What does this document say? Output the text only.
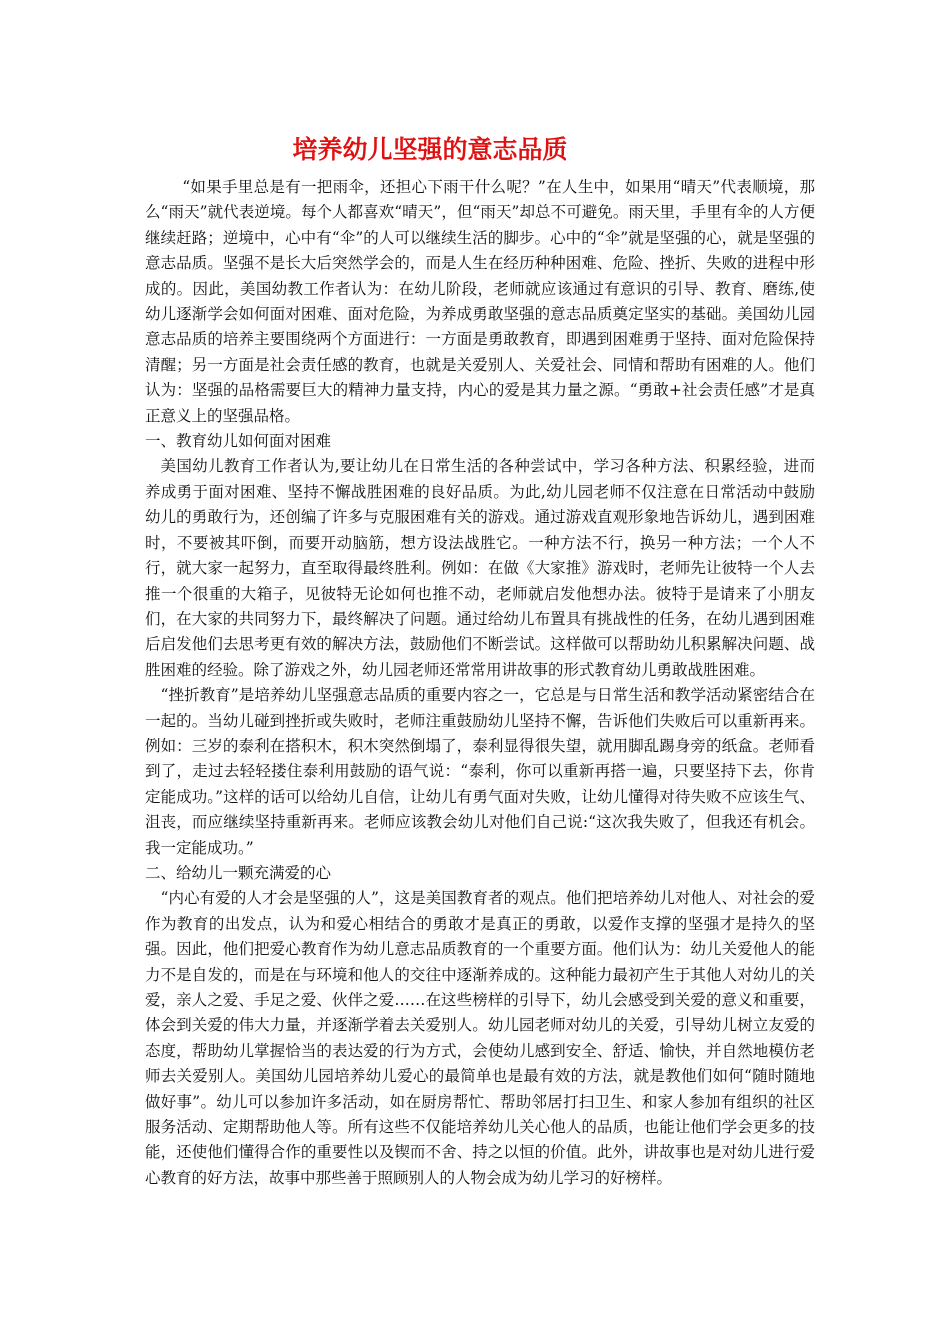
培养幼儿坚强的意志品质

“如果手里总是有一把雨伞，还担心下雨干什么呢？”在人生中，如果用“晴天”代表顺境，那么“雨天”就代表逆境。每个人都喜欢“晴天”，但“雨天”却总不可避免。雨天里，手里有伞的人方便继续赶路；逆境中，心中有“伞”的人可以继续生活的脚步。心中的“伞”就是坚强的心，就是坚强的意志品质。坚强不是长大后突然学会的，而是人生在经历种种困难、危险、挫折、失败的进程中形成的。因此，美国幼教工作者认为：在幼儿阶段，老师就应该通过有意识的引导、教育、磨练,使幼儿逐渐学会如何面对困难、面对危险，为养成勇敢坚强的意志品质奠定坚实的基础。美国幼儿园意志品质的培养主要围绕两个方面进行：一方面是勇敢教育，即遇到困难勇于坚持、面对危险保持清醒；另一方面是社会责任感的教育，也就是关爱别人、关爱社会、同情和帮助有困难的人。他们认为：坚强的品格需要巨大的精神力量支持，内心的爱是其力量之源。“勇敢+社会责任感”才是真正意义上的坚强品格。

一、教育幼儿如何面对困难

美国幼儿教育工作者认为,要让幼儿在日常生活的各种尝试中，学习各种方法、积累经验，进而养成勇于面对困难、坚持不懈战胜困难的良好品质。为此,幼儿园老师不仅注意在日常活动中鼓励幼儿的勇敢行为，还创编了许多与克服困难有关的游戏。通过游戏直观形象地告诉幼儿，遇到困难时，不要被其吓倒，而要开动脑筋，想方设法战胜它。一种方法不行，换另一种方法；一个人不行，就大家一起努力，直至取得最终胜利。例如：在做《大家推》游戏时，老师先让彼特一个人去推一个很重的大箱子，见彼特无论如何也推不动，老师就启发他想办法。彼特于是请来了小朋友们，在大家的共同努力下，最终解决了问题。通过给幼儿布置具有挑战性的任务，在幼儿遇到困难后启发他们去思考更有效的解决方法，鼓励他们不断尝试。这样做可以帮助幼儿积累解决问题、战胜困难的经验。除了游戏之外，幼儿园老师还常常用讲故事的形式教育幼儿勇敢战胜困难。

“挫折教育”是培养幼儿坚强意志品质的重要内容之一，它总是与日常生活和教学活动紧密结合在一起的。当幼儿碰到挫折或失败时，老师注重鼓励幼儿坚持不懈，告诉他们失败后可以重新再来。例如：三岁的泰利在搭积木，积木突然倒塌了，泰利显得很失望，就用脚乱踢身旁的纸盒。老师看到了，走过去轻轻搂住泰利用鼓励的语气说：“泰利，你可以重新再搭一遍，只要坚持下去，你肯定能成功。”这样的话可以给幼儿自信，让幼儿有勇气面对失败，让幼儿懂得对待失败不应该生气、沮丧，而应继续坚持重新再来。老师应该教会幼儿对他们自己说:“这次我失败了，但我还有机会。我一定能成功。”

二、给幼儿一颗充满爱的心

“内心有爱的人才会是坚强的人”，这是美国教育者的观点。他们把培养幼儿对他人、对社会的爱作为教育的出发点，认为和爱心相结合的勇敢才是真正的勇敢，以爱作支撑的坚强才是持久的坚强。因此，他们把爱心教育作为幼儿意志品质教育的一个重要方面。他们认为：幼儿关爱他人的能力不是自发的，而是在与环境和他人的交往中逐渐养成的。这种能力最初产生于其他人对幼儿的关爱，亲人之爱、手足之爱、伙伴之爱……在这些榜样的引导下，幼儿会感受到关爱的意义和重要，体会到关爱的伟大力量，并逐渐学着去关爱别人。幼儿园老师对幼儿的关爱，引导幼儿树立友爱的态度，帮助幼儿掌握恰当的表达爱的行为方式，会使幼儿感到安全、舒适、愉快，并自然地模仿老师去关爱别人。美国幼儿园培养幼儿爱心的最简单也是最有效的方法，就是教他们如何“随时随地做好事”。幼儿可以参加许多活动，如在厨房帮忙、帮助邻居打扫卫生、和家人参加有组织的社区服务活动、定期帮助他人等。所有这些不仅能培养幼儿关心他人的品质，也能让他们学会更多的技能，还使他们懂得合作的重要性以及锲而不舍、持之以恒的价值。此外，讲故事也是对幼儿进行爱心教育的好方法，故事中那些善于照顾别人的人物会成为幼儿学习的好榜样。
